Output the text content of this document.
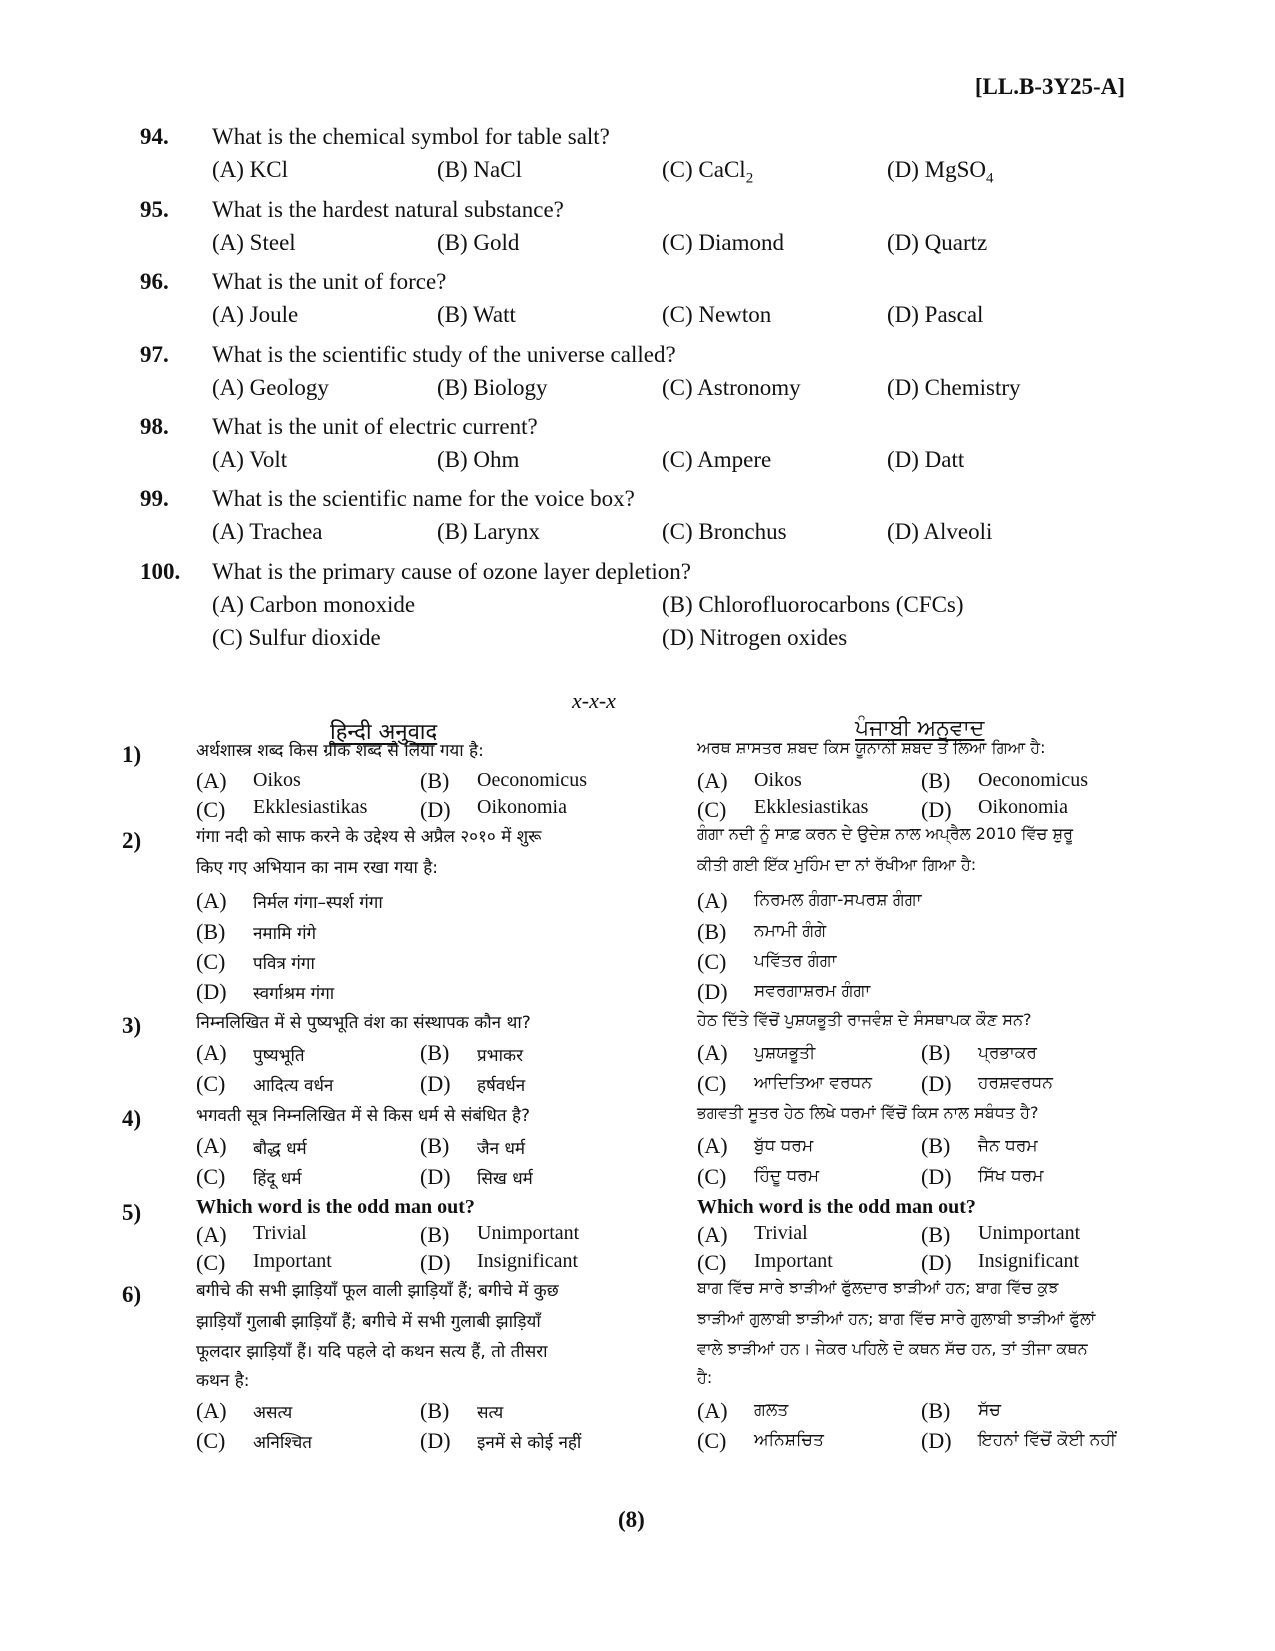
[LL.B-3Y25-A]
94. What is the chemical symbol for table salt?
(A) KCl	(B) NaCl	(C) CaCl$_2$	(D) MgSO$_4$
95. What is the hardest natural substance?
(A) Steel	(B) Gold	(C) Diamond	(D) Quartz
96. What is the unit of force?
(A) Joule	(B) Watt	(C) Newton	(D) Pascal
97. What is the scientific study of the universe called?
(A) Geology	(B) Biology	(C) Astronomy	(D) Chemistry
98. What is the unit of electric current?
(A) Volt	(B) Ohm	(C) Ampere	(D) Datt
99. What is the scientific name for the voice box?
(A) Trachea	(B) Larynx	(C) Bronchus	(D) Alveoli
100. What is the primary cause of ozone layer depletion?
(A) Carbon monoxide	(B) Chlorofluorocarbons (CFCs)
(C) Sulfur dioxide	(D) Nitrogen oxides
x-x-x
हिन्दी अनुवाद	ਪੰਜਾਬੀ ਅਨੁਵਾਦ
1)	अर्थशास्त्र शब्द किस ग्रीक शब्द से लिया गया है:
(A) Oikos	(B) Oeconomicus
(C) Ekklesiastikas (D) Oikonomia
ਅਰਥ ਸ਼ਾਸਤਰ ਸ਼ਬਦ ਕਿਸ ਯੂਨਾਨੀ ਸ਼ਬਦ ਤੋਂ ਲਿਆ ਗਿਆ ਹੈ:
(A) Oikos	(B) Oeconomicus
(C) Ekklesiastikas (D) Oikonomia
2)	गंगा नदी को साफ करने के उद्देश्य से अप्रैल २०१० में शुरू
किए गए अभियान का नाम रखा गया है:
(A) निर्मल गंगा–स्पर्श गंगा
(B) नमामि गंगे
(C) पवित्र गंगा
(D) स्वर्गाश्रम गंगा
ਗੰਗਾ ਨਦੀ ਨੂੰ ਸਾਫ਼ ਕਰਨ ਦੇ ਉਦੇਸ਼ ਨਾਲ ਅਪ੍ਰੈਲ 2010 ਵਿੱਚ ਸ਼ੁਰੂ
ਕੀਤੀ ਗਈ ਇੱਕ ਮੁਹਿੰਮ ਦਾ ਨਾਂ ਰੱਖੀਆ ਗਿਆ ਹੈ:
(A) ਨਿਰਮਲ ਗੰਗਾ-ਸਪਰਸ਼ ਗੰਗਾ
(B) ਨਮਾਮੀ ਗੰਗੇ
(C) ਪਵਿੱਤਰ ਗੰਗਾ
(D) ਸਵਰਗਾਸ਼ਰਮ ਗੰਗਾ
3)	निम्नलिखित में से पुष्यभूति वंश का संस्थापक कौन था?
(A) पुष्यभूति	(B) प्रभाकर
(C) आदित्य वर्धन	(D) हर्षवर्धन
ਹੇਠ ਦਿੱਤੇ ਵਿੱਚੋਂ ਪੁਸ਼ਯਭੂਤੀ ਰਾਜਵੰਸ਼ ਦੇ ਸੰਸਥਾਪਕ ਕੌਣ ਸਨ?
(A) ਪੁਸ਼ਯਭੂਤੀ	(B) ਪ੍ਰਭਾਕਰ
(C) ਆਦਿਤਿਆ ਵਰਧਨ (D) ਹਰਸ਼ਵਰਧਨ
4)	भगवती सूत्र निम्नलिखित में से किस धर्म से संबंधित है?
(A) बौद्ध धर्म	(B) जैन धर्म
(C) हिंदू धर्म	(D) सिख धर्म
ਭਗਵਤੀ ਸੂਤਰ ਹੇਠ ਲਿਖੇ ਧਰਮਾਂ ਵਿੱਚੋਂ ਕਿਸ ਨਾਲ ਸਬੰਧਤ ਹੈ?
(A) ਬੁੱਧ ਧਰਮ	(B) ਜੈਨ ਧਰਮ
(C) ਹਿੰਦੂ ਧਰਮ	(D) ਸਿੱਖ ਧਰਮ
5)	Which word is the odd man out?
(A) Trivial	(B) Unimportant
(C) Important	(D) Insignificant
Which word is the odd man out?
(A) Trivial	(B) Unimportant
(C) Important	(D) Insignificant
6)	बगीचे की सभी झाड़ियाँ फूल वाली झाड़ियाँ हैं; बगीचे में कुछ
झाड़ियाँ गुलाबी झाड़ियाँ हैं; बगीचे में सभी गुलाबी झाड़ियाँ
फूलदार झाड़ियाँ हैं। यदि पहले दो कथन सत्य हैं, तो तीसरा
कथन है:
(A) असत्य	(B) सत्य
(C) अनिश्चित	(D) इनमें से कोई नहीं
ਬਾਗ ਵਿੱਚ ਸਾਰੇ ਝਾੜੀਆਂ ਫੁੱਲਦਾਰ ਝਾੜੀਆਂ ਹਨ; ਬਾਗ ਵਿੱਚ ਕੁਝ
ਝਾੜੀਆਂ ਗੁਲਾਬੀ ਝਾੜੀਆਂ ਹਨ; ਬਾਗ ਵਿੱਚ ਸਾਰੇ ਗੁਲਾਬੀ ਝਾੜੀਆਂ ਫੁੱਲਾਂ
ਵਾਲੇ ਝਾੜੀਆਂ ਹਨ। ਜੇਕਰ ਪਹਿਲੇ ਦੋ ਕਥਨ ਸੱਚ ਹਨ, ਤਾਂ ਤੀਜਾ ਕਥਨ
ਹੈ:
(A) ਗਲਤ	(B) ਸੱਚ
(C) ਅਨਿਸ਼ਚਿਤ	(D) ਇਹਨਾਂ ਵਿੱਚੋਂ ਕੋਈ ਨਹੀਂ
(8)
